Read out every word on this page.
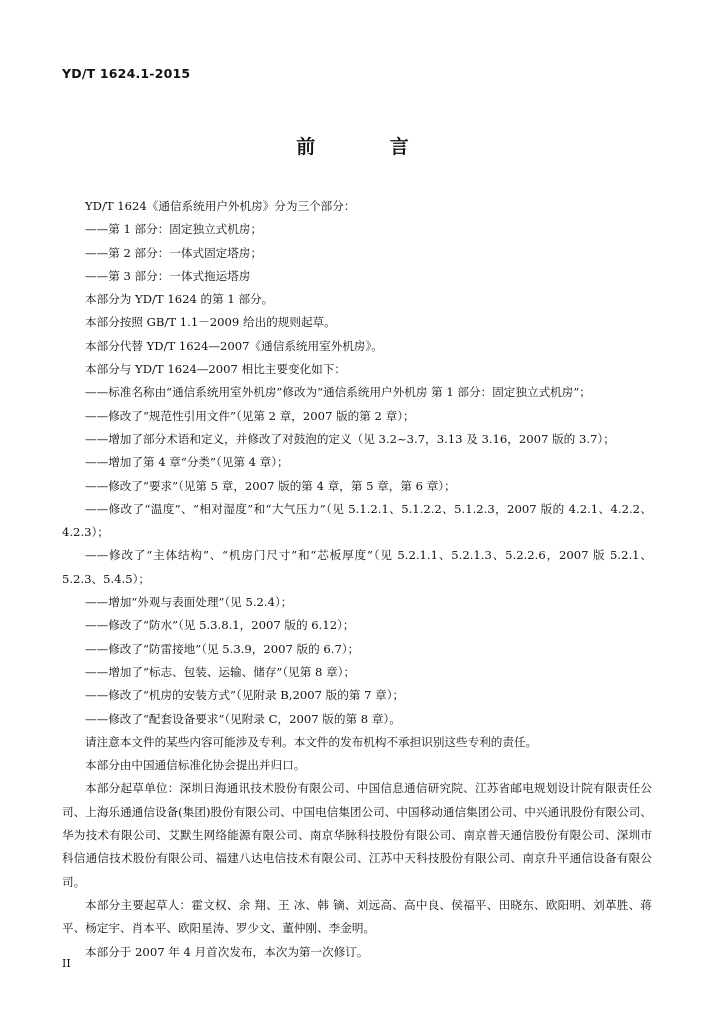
YD/T 1624.1-2015
前 言

YD/T 1624《通信系统用户外机房》分为三个部分：

——第 1 部分：固定独立式机房；

——第 2 部分：一体式固定塔房；

——第 3 部分：一体式拖运塔房

本部分为 YD/T 1624 的第 1 部分。

本部分按照 GB/T 1.1－2009 给出的规则起草。

本部分代替 YD/T 1624—2007《通信系统用室外机房》。

本部分与 YD/T 1624—2007 相比主要变化如下：

——标准名称由“通信系统用室外机房”修改为“通信系统用户外机房 第 1 部分：固定独立式机房”；

——修改了“规范性引用文件”（见第 2 章，2007 版的第 2 章）；

——增加了部分术语和定义，并修改了对鼓泡的定义（见 3.2~3.7，3.13 及 3.16，2007 版的 3.7）；

——增加了第 4 章“分类”（见第 4 章）；

——修改了“要求”（见第 5 章，2007 版的第 4 章，第 5 章，第 6 章）；

——修改了“温度”、“相对湿度”和“大气压力”（见 5.1.2.1、5.1.2.2、5.1.2.3，2007 版的 4.2.1、4.2.2、4.2.3）；

——修改了“主体结构”、“机房门尺寸”和“芯板厚度”（见 5.2.1.1、5.2.1.3、5.2.2.6，2007 版 5.2.1、5.2.3、5.4.5）；

——增加“外观与表面处理”（见 5.2.4）；

——修改了“防水”（见 5.3.8.1，2007 版的 6.12）；

——修改了“防雷接地”（见 5.3.9，2007 版的 6.7）；

——增加了“标志、包装、运输、储存”（见第 8 章）；

——修改了“机房的安装方式”（见附录 B,2007 版的第 7 章）；

——修改了“配套设备要求”（见附录 C，2007 版的第 8 章）。

请注意本文件的某些内容可能涉及专利。本文件的发布机构不承担识别这些专利的责任。

本部分由中国通信标准化协会提出并归口。

本部分起草单位：深圳日海通讯技术股份有限公司、中国信息通信研究院、江苏省邮电规划设计院有限责任公司、上海乐通通信设备(集团)股份有限公司、中国电信集团公司、中国移动通信集团公司、中兴通讯股份有限公司、华为技术有限公司、艾默生网络能源有限公司、南京华脉科技股份有限公司、南京普天通信股份有限公司、深圳市科信通信技术股份有限公司、福建八达电信技术有限公司、江苏中天科技股份有限公司、南京升平通信设备有限公司。

本部分主要起草人：霍文权、余 翔、王 冰、韩 镝、刘远高、高中良、侯福平、田晓东、欧阳明、刘革胜、蒋 平、杨定宇、肖本平、欧阳星涛、罗少文、董仲刚、李金明。

本部分于 2007 年 4 月首次发布，本次为第一次修订。

II
